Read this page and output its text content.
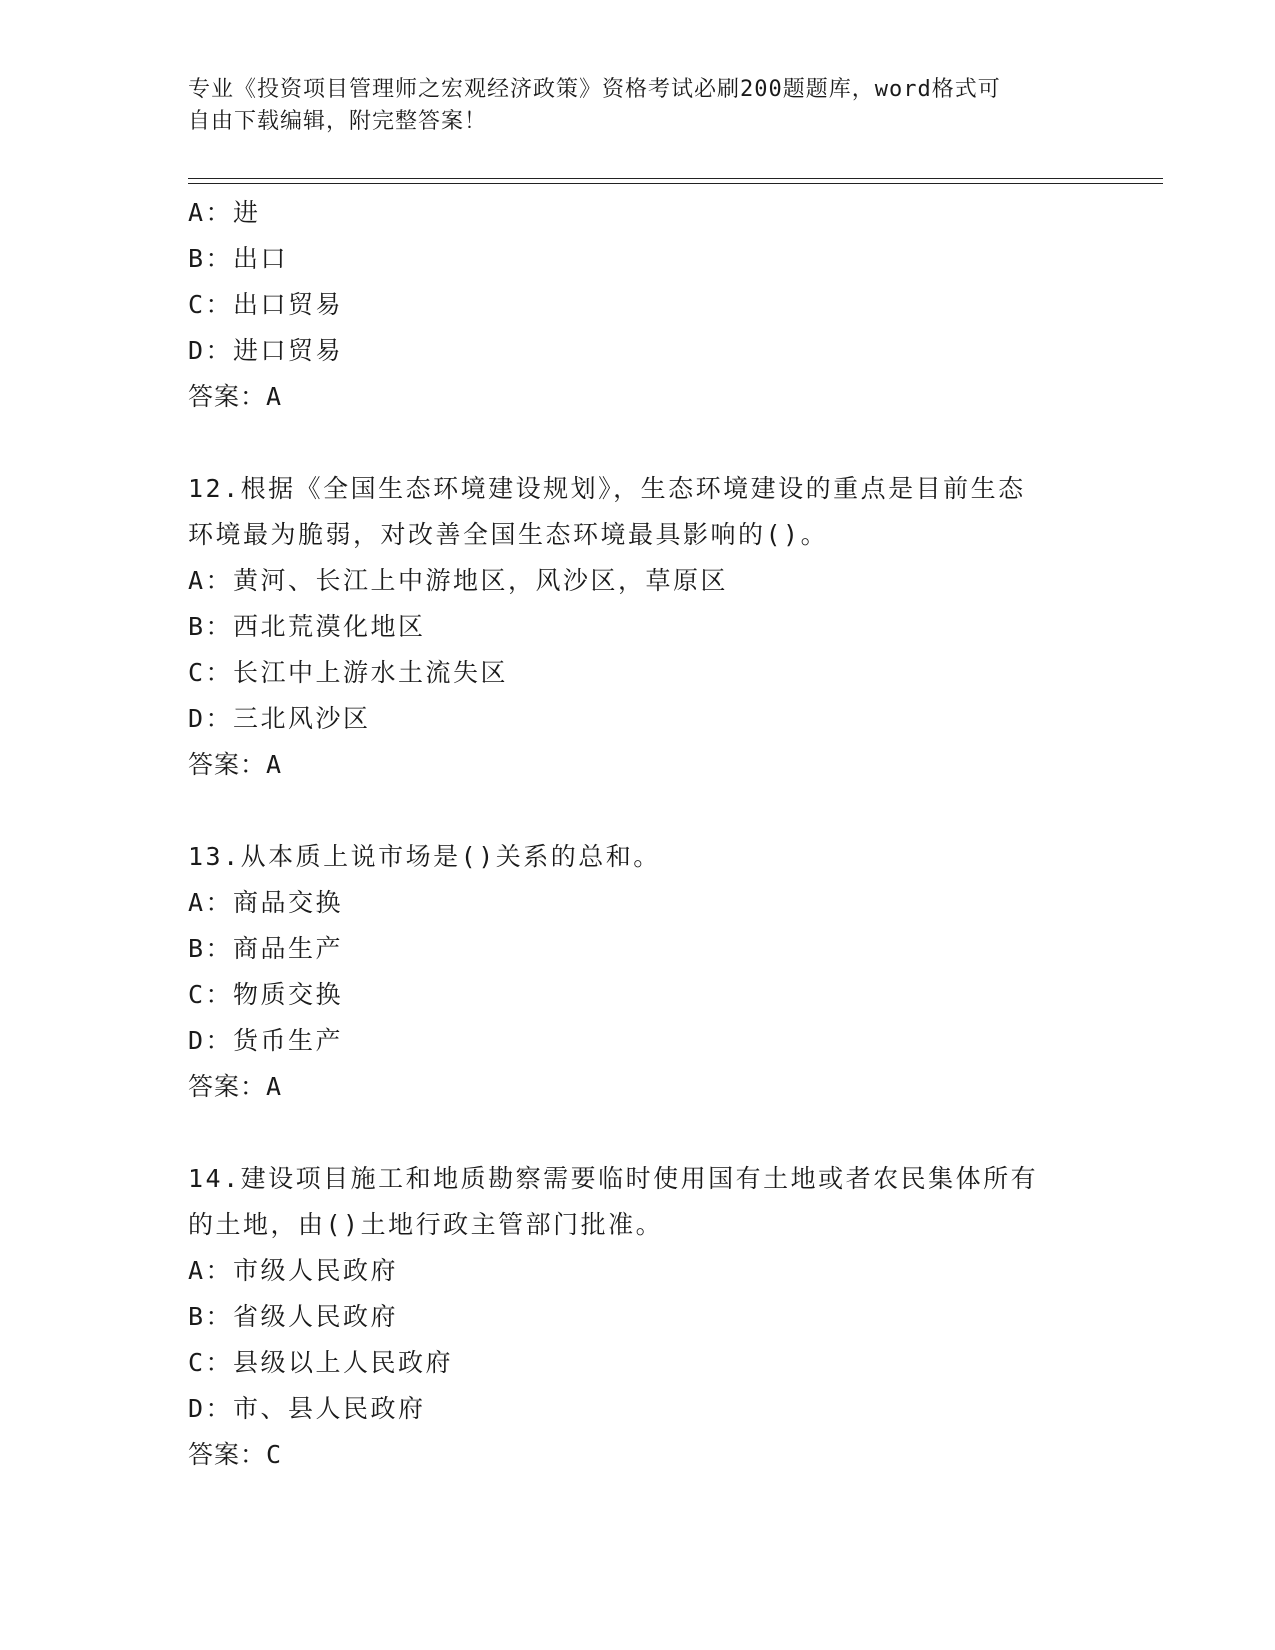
专业《投资项目管理师之宏观经济政策》资格考试必刷200题题库，word格式可
自由下载编辑，附完整答案！
A：进
B：出口
C：出口贸易
D：进口贸易
答案：A
12.根据《全国生态环境建设规划》，生态环境建设的重点是目前生态
环境最为脆弱，对改善全国生态环境最具影响的()。
A：黄河、长江上中游地区，风沙区，草原区
B：西北荒漠化地区
C：长江中上游水土流失区
D：三北风沙区
答案：A
13.从本质上说市场是()关系的总和。
A：商品交换
B：商品生产
C：物质交换
D：货币生产
答案：A
14.建设项目施工和地质勘察需要临时使用国有土地或者农民集体所有
的土地，由()土地行政主管部门批准。
A：市级人民政府
B：省级人民政府
C：县级以上人民政府
D：市、县人民政府
答案：C
